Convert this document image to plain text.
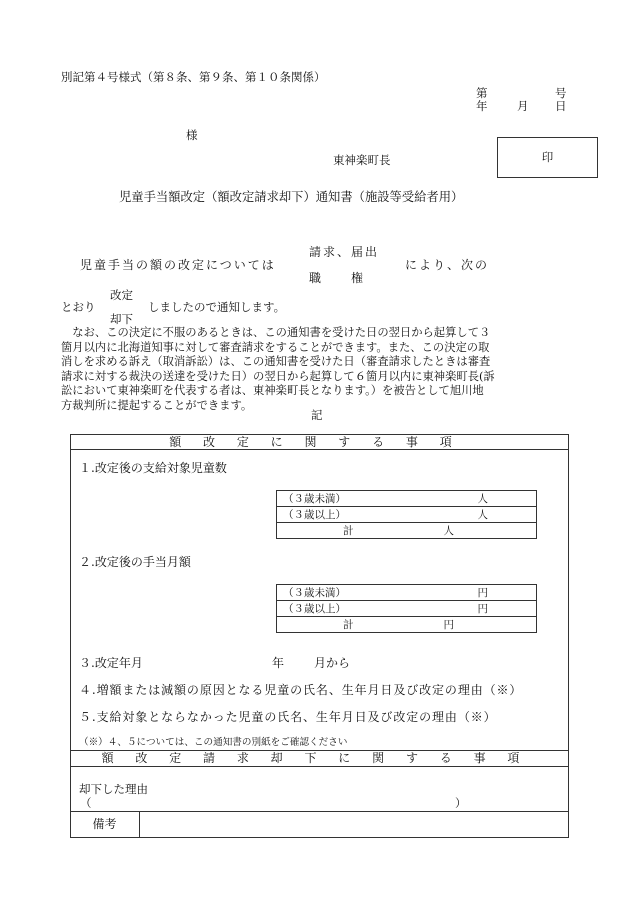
別記第４号様式（第８条、第９条、第１０条関係）
第	号
年	月 日
様
東神楽町長	印
児童手当額改定（額改定請求却下）通知書（施設等受給者用）
児童手当の額の改定については
請求、届出
職　　権
により、次の
改定
とおり	しましたので通知します。
却下
　なお、この決定に不服のあるときは、この通知書を受けた日の翌日から起算して３
箇月以内に北海道知事に対して審査請求をすることができます。また、この決定の取
消しを求める訴え（取消訴訟）は、この通知書を受けた日（審査請求したときは審査
請求に対する裁決の送達を受けた日）の翌日から起算して６箇月以内に東神楽町長(訴
訟において東神楽町を代表する者は、東神楽町長となります。）を被告として旭川地
方裁判所に提起することができます。
記
額 改 定 に 関 す る 事 項
１.改定後の支給対象児童数
（３歳未満）	人

（３歳以上）	人

計	人
２.改定後の手当月額
（３歳未満）	円

（３歳以上）	円

計	円
３.改定年月	年 月から
４.増額または減額の原因となる児童の氏名、生年月日及び改定の理由（※）
５.支給対象とならなかった児童の氏名、生年月日及び改定の理由（※）
（※）４、５については、この通知書の別紙をご確認ください
額 改 定 請 求 却 下 に 関 す る 事 項
却下した理由
（	）
備考
